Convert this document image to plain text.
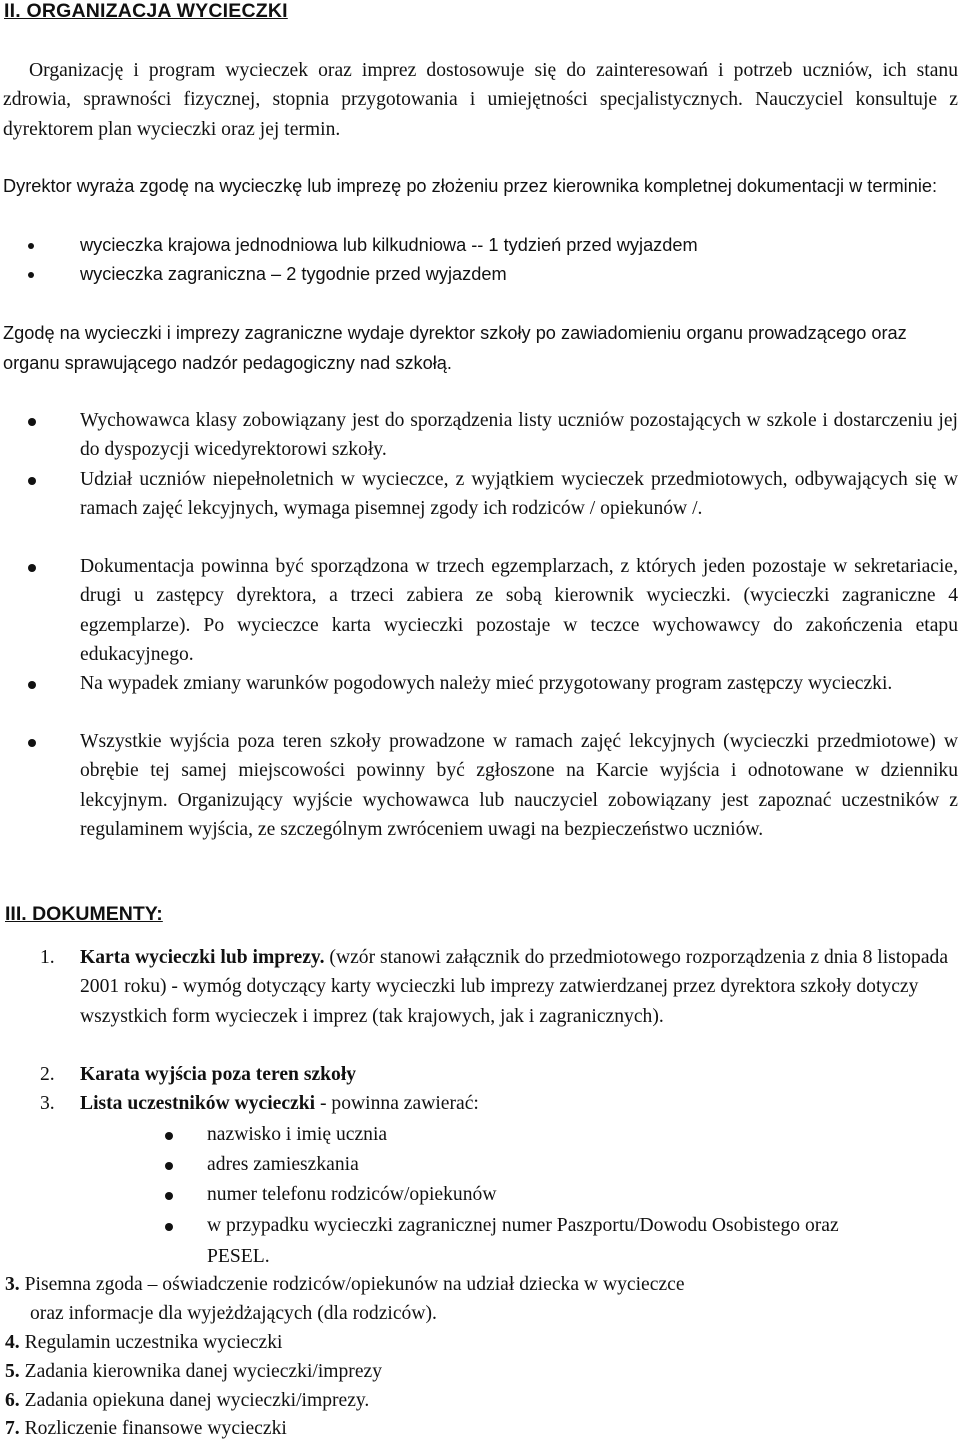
II. ORGANIZACJA WYCIECZKI
Organizację i program wycieczek oraz imprez dostosowuje się do zainteresowań i potrzeb uczniów, ich stanu zdrowia, sprawności fizycznej, stopnia przygotowania i umiejętności specjalistycznych. Nauczyciel konsultuje z dyrektorem plan wycieczki oraz jej termin.
Dyrektor wyraża zgodę na wycieczkę lub imprezę po złożeniu przez kierownika kompletnej dokumentacji w terminie:
wycieczka krajowa jednodniowa lub kilkudniowa -- 1 tydzień przed wyjazdem
wycieczka zagraniczna – 2 tygodnie przed wyjazdem
Zgodę na wycieczki i imprezy zagraniczne wydaje dyrektor szkoły po zawiadomieniu organu prowadzącego oraz organu sprawującego nadzór pedagogiczny nad szkołą.
Wychowawca klasy zobowiązany jest do sporządzenia listy uczniów pozostających w szkole i dostarczeniu jej do dyspozycji wicedyrektorowi szkoły.
Udział uczniów niepełnoletnich w wycieczce, z wyjątkiem wycieczek przedmiotowych, odbywających się w ramach zajęć lekcyjnych, wymaga pisemnej zgody ich rodziców / opiekunów /.
Dokumentacja powinna być sporządzona w trzech egzemplarzach, z których jeden pozostaje w sekretariacie, drugi u zastępcy dyrektora, a trzeci zabiera ze sobą kierownik wycieczki. (wycieczki zagraniczne 4 egzemplarze). Po wycieczce karta wycieczki pozostaje w teczce wychowawcy do zakończenia etapu edukacyjnego.
Na wypadek zmiany warunków pogodowych należy mieć przygotowany program zastępczy wycieczki.
Wszystkie wyjścia poza teren szkoły prowadzone w ramach zajęć lekcyjnych (wycieczki przedmiotowe) w obrębie tej samej miejscowości powinny być zgłoszone na Karcie wyjścia i odnotowane w dzienniku lekcyjnym. Organizujący wyjście wychowawca lub nauczyciel zobowiązany jest zapoznać uczestników z regulaminem wyjścia, ze szczególnym zwróceniem uwagi na bezpieczeństwo uczniów.
III. DOKUMENTY:
1. Karta wycieczki lub imprezy. (wzór stanowi załącznik do przedmiotowego rozporządzenia z dnia 8 listopada 2001 roku) - wymóg dotyczący karty wycieczki lub imprezy zatwierdzanej przez dyrektora szkoły dotyczy wszystkich form wycieczek i imprez (tak krajowych, jak i zagranicznych).
2. Karata wyjścia poza teren szkoły
3. Lista uczestników wycieczki - powinna zawierać:
nazwisko i imię ucznia
adres zamieszkania
numer telefonu rodziców/opiekunów
w przypadku wycieczki zagranicznej numer Paszportu/Dowodu Osobistego oraz PESEL.
3. Pisemna zgoda – oświadczenie rodziców/opiekunów na udział dziecka w wycieczce
oraz informacje dla wyjeżdżających (dla rodziców).
4. Regulamin uczestnika wycieczki
5. Zadania kierownika danej wycieczki/imprezy
6. Zadania opiekuna danej wycieczki/imprezy.
7. Rozliczenie finansowe wycieczki
